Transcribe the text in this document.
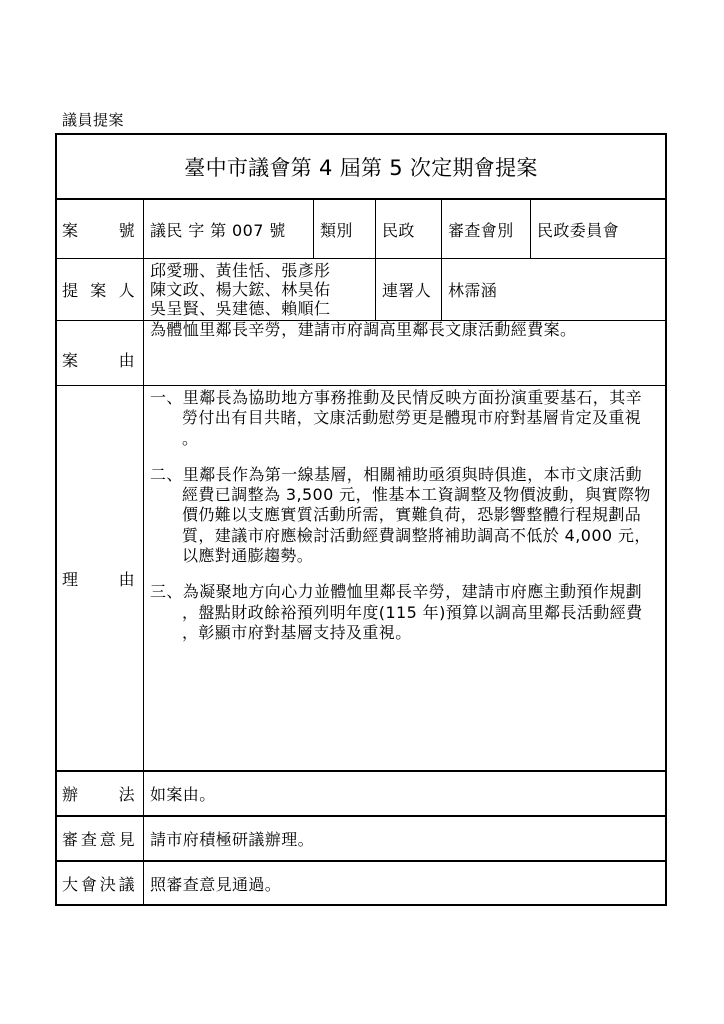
議員提案
臺中市議會第 4 屆第 5 次定期會提案
案	號 議民 字 第 007 號	類別	民政	審查會別	民政委員會
提 案 人
邱愛珊、黃佳恬、張彥彤
陳文政、楊大鋐、林昊佑
吳呈賢、吳建德、賴順仁
連署人	林霈涵
案	由
為體恤里鄰長辛勞，建請市府調高里鄰長文康活動經費案。
理	由
一、里鄰長為協助地方事務推動及民情反映方面扮演重要基石，其辛
勞付出有目共睹，文康活動慰勞更是體現市府對基層肯定及重視
。
二、里鄰長作為第一線基層，相關補助亟須與時俱進，本市文康活動
經費已調整為 3,500 元，惟基本工資調整及物價波動，與實際物
價仍難以支應實質活動所需，實難負荷，恐影響整體行程規劃品
質，建議市府應檢討活動經費調整將補助調高不低於 4,000 元，
以應對通膨趨勢。
三、為凝聚地方向心力並體恤里鄰長辛勞，建請市府應主動預作規劃
，盤點財政餘裕預列明年度(115 年)預算以調高里鄰長活動經費
，彰顯市府對基層支持及重視。
辦	法 如案由。
審 查 意 見 請市府積極研議辦理。
大 會 決 議 照審查意見通過。
